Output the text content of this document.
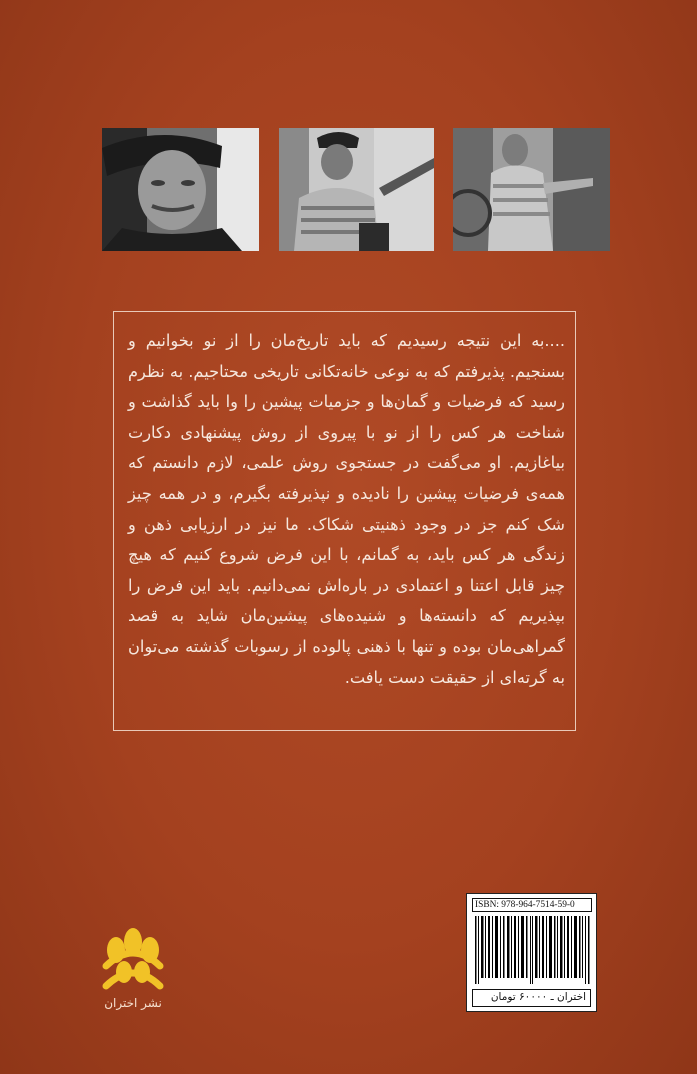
....به این نتیجه رسیدیم که باید تاریخ‌مان را از نو بخوانیم و بسنجیم. پذیرفتم که به نوعی خانه‌تکانی تاریخی محتاجیم. به نظرم رسید که فرضیات و گمان‌ها و جزمیات پیشین را وا باید گذاشت و شناخت هر کس را از نو با پیروی از روش پیشنهادی دکارت بیاغازیم. او می‌گفت در جستجوی روش علمی، لازم دانستم که همه‌ی فرضیات پیشین را نادیده و نپذیرفته بگیرم، و در همه چیز شک کنم جز در وجود ذهنیتی شکاک. ما نیز در ارزیابی ذهن و زندگی هر کس باید، به گمانم، با این فرض شروع کنیم که هیچ چیز قابل اعتنا و اعتمادی در باره‌اش نمی‌دانیم. باید این فرض را بپذیریم که دانسته‌ها و شنیده‌های پیشین‌مان شاید به قصد گمراهی‌مان بوده و تنها با ذهنی پالوده از رسوبات گذشته می‌توان به گرته‌ای از حقیقت دست یافت.

نشر اختران
ISBN: 978-964-7514-59-0
اختران ـ ۶۰۰۰۰ تومان
